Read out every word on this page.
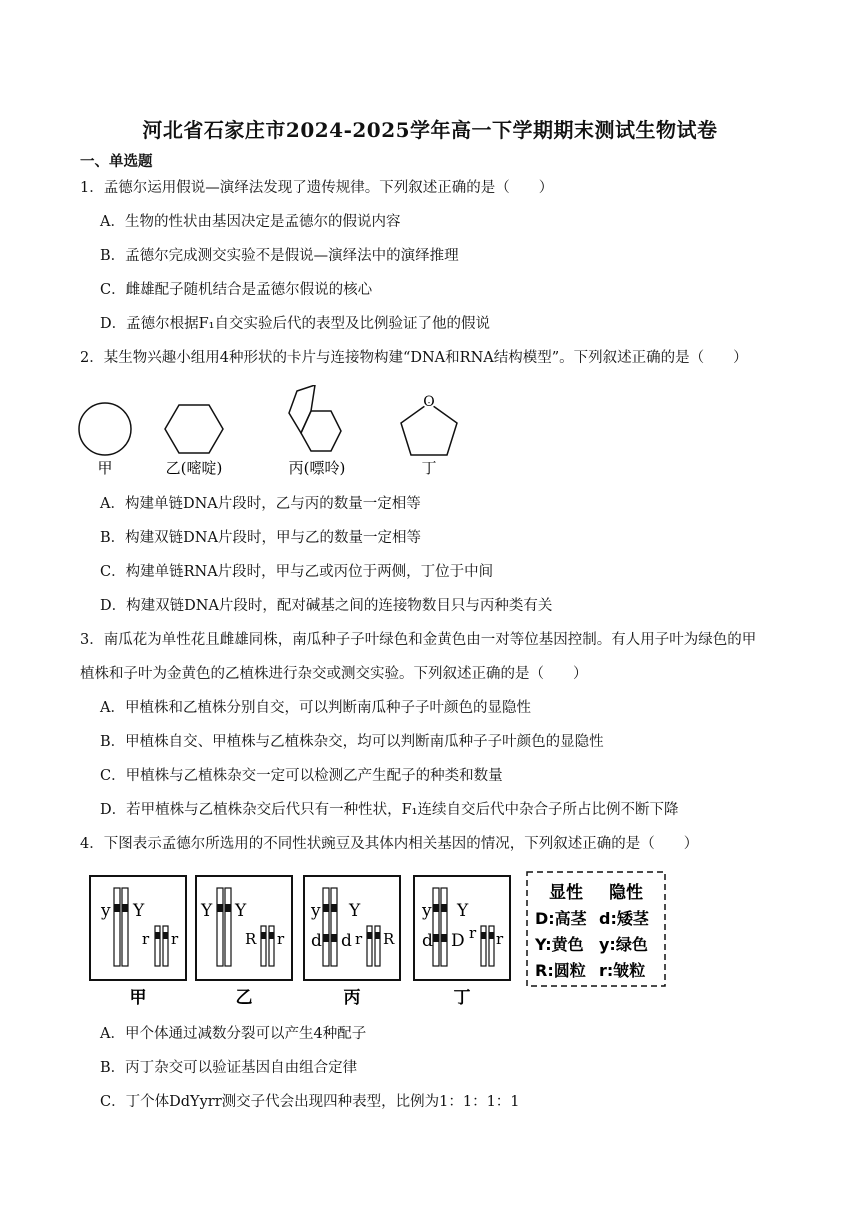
河北省石家庄市2024-2025学年高一下学期期末测试生物试卷
一、单选题
1．孟德尔运用假说—演绎法发现了遗传规律。下列叙述正确的是（　　）
A．生物的性状由基因决定是孟德尔的假说内容
B．孟德尔完成测交实验不是假说—演绎法中的演绎推理
C．雌雄配子随机结合是孟德尔假说的核心
D．孟德尔根据F₁自交实验后代的表型及比例验证了他的假说
2．某生物兴趣小组用4种形状的卡片与连接物构建“DNA和RNA结构模型”。下列叙述正确的是（　　）
O
甲	乙(嘧啶)	丙(嘌呤)	丁
A．构建单链DNA片段时，乙与丙的数量一定相等
B．构建双链DNA片段时，甲与乙的数量一定相等
C．构建单链RNA片段时，甲与乙或丙位于两侧，丁位于中间
D．构建双链DNA片段时，配对碱基之间的连接物数目只与丙种类有关
3．南瓜花为单性花且雌雄同株，南瓜种子子叶绿色和金黄色由一对等位基因控制。有人用子叶为绿色的甲
植株和子叶为金黄色的乙植株进行杂交或测交实验。下列叙述正确的是（　　）
A．甲植株和乙植株分别自交，可以判断南瓜种子子叶颜色的显隐性
B．甲植株自交、甲植株与乙植株杂交，均可以判断南瓜种子子叶颜色的显隐性
C．甲植株与乙植株杂交一定可以检测乙产生配子的种类和数量
D．若甲植株与乙植株杂交后代只有一种性状，F₁连续自交后代中杂合子所占比例不断下降
4．下图表示孟德尔所选用的不同性状豌豆及其体内相关基因的情况，下列叙述正确的是（　　）
y Y
r r
Y Y
R r
y Y
d d r R
y Y
d D r r
甲	乙	丙	丁
显性 隐性
D:高茎 d:矮茎
Y:黄色 y:绿色
R:圆粒 r:皱粒
A．甲个体通过减数分裂可以产生4种配子
B．丙丁杂交可以验证基因自由组合定律
C．丁个体DdYyrr测交子代会出现四种表型，比例为1：1：1：1
